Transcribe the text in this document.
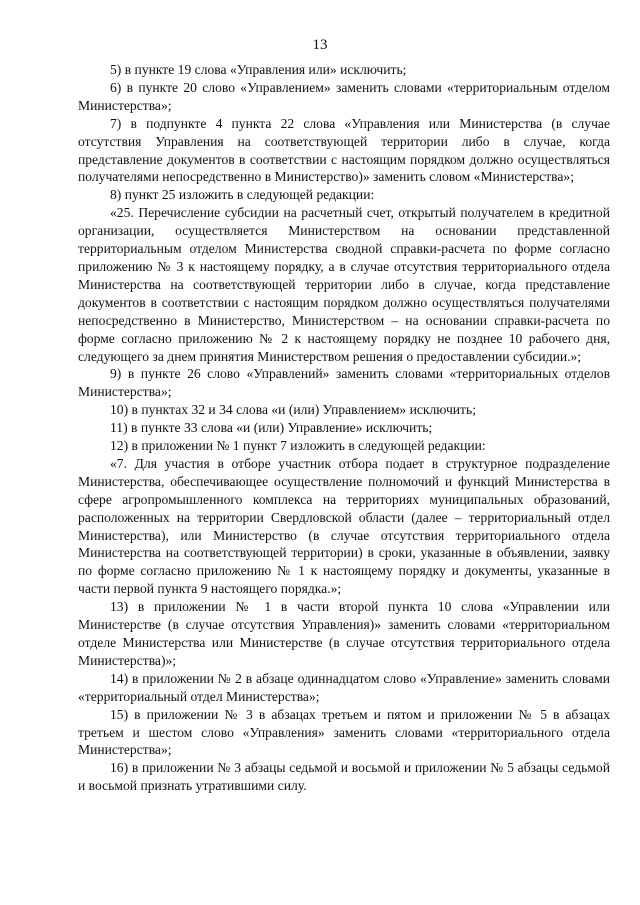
13

5) в пункте 19 слова «Управления или» исключить;

6) в пункте 20 слово «Управлением» заменить словами «территориальным отделом Министерства»;

7) в подпункте 4 пункта 22 слова «Управления или Министерства (в случае отсутствия Управления на соответствующей территории либо в случае, когда представление документов в соответствии с настоящим порядком должно осуществляться получателями непосредственно в Министерство)» заменить словом «Министерства»;

8) пункт 25 изложить в следующей редакции:

«25. Перечисление субсидии на расчетный счет, открытый получателем в кредитной организации, осуществляется Министерством на основании представленной территориальным отделом Министерства сводной справки-расчета по форме согласно приложению № 3 к настоящему порядку, а в случае отсутствия территориального отдела Министерства на соответствующей территории либо в случае, когда представление документов в соответствии с настоящим порядком должно осуществляться получателями непосредственно в Министерство, Министерством – на основании справки-расчета по форме согласно приложению № 2 к настоящему порядку не позднее 10 рабочего дня, следующего за днем принятия Министерством решения о предоставлении субсидии.»;

9) в пункте 26 слово «Управлений» заменить словами «территориальных отделов Министерства»;

10) в пунктах 32 и 34 слова «и (или) Управлением» исключить;

11) в пункте 33 слова «и (или) Управление» исключить;

12) в приложении № 1 пункт 7 изложить в следующей редакции:

«7. Для участия в отборе участник отбора подает в структурное подразделение Министерства, обеспечивающее осуществление полномочий и функций Министерства в сфере агропромышленного комплекса на территориях муниципальных образований, расположенных на территории Свердловской области (далее – территориальный отдел Министерства), или Министерство (в случае отсутствия территориального отдела Министерства на соответствующей территории) в сроки, указанные в объявлении, заявку по форме согласно приложению № 1 к настоящему порядку и документы, указанные в части первой пункта 9 настоящего порядка.»;

13) в приложении № 1 в части второй пункта 10 слова «Управлении или Министерстве (в случае отсутствия Управления)» заменить словами «территориальном отделе Министерства или Министерстве (в случае отсутствия территориального отдела Министерства)»;

14) в приложении № 2 в абзаце одиннадцатом слово «Управление» заменить словами «территориальный отдел Министерства»;

15) в приложении № 3 в абзацах третьем и пятом и приложении № 5 в абзацах третьем и шестом слово «Управления» заменить словами «территориального отдела Министерства»;

16) в приложении № 3 абзацы седьмой и восьмой и приложении № 5 абзацы седьмой и восьмой признать утратившими силу.
